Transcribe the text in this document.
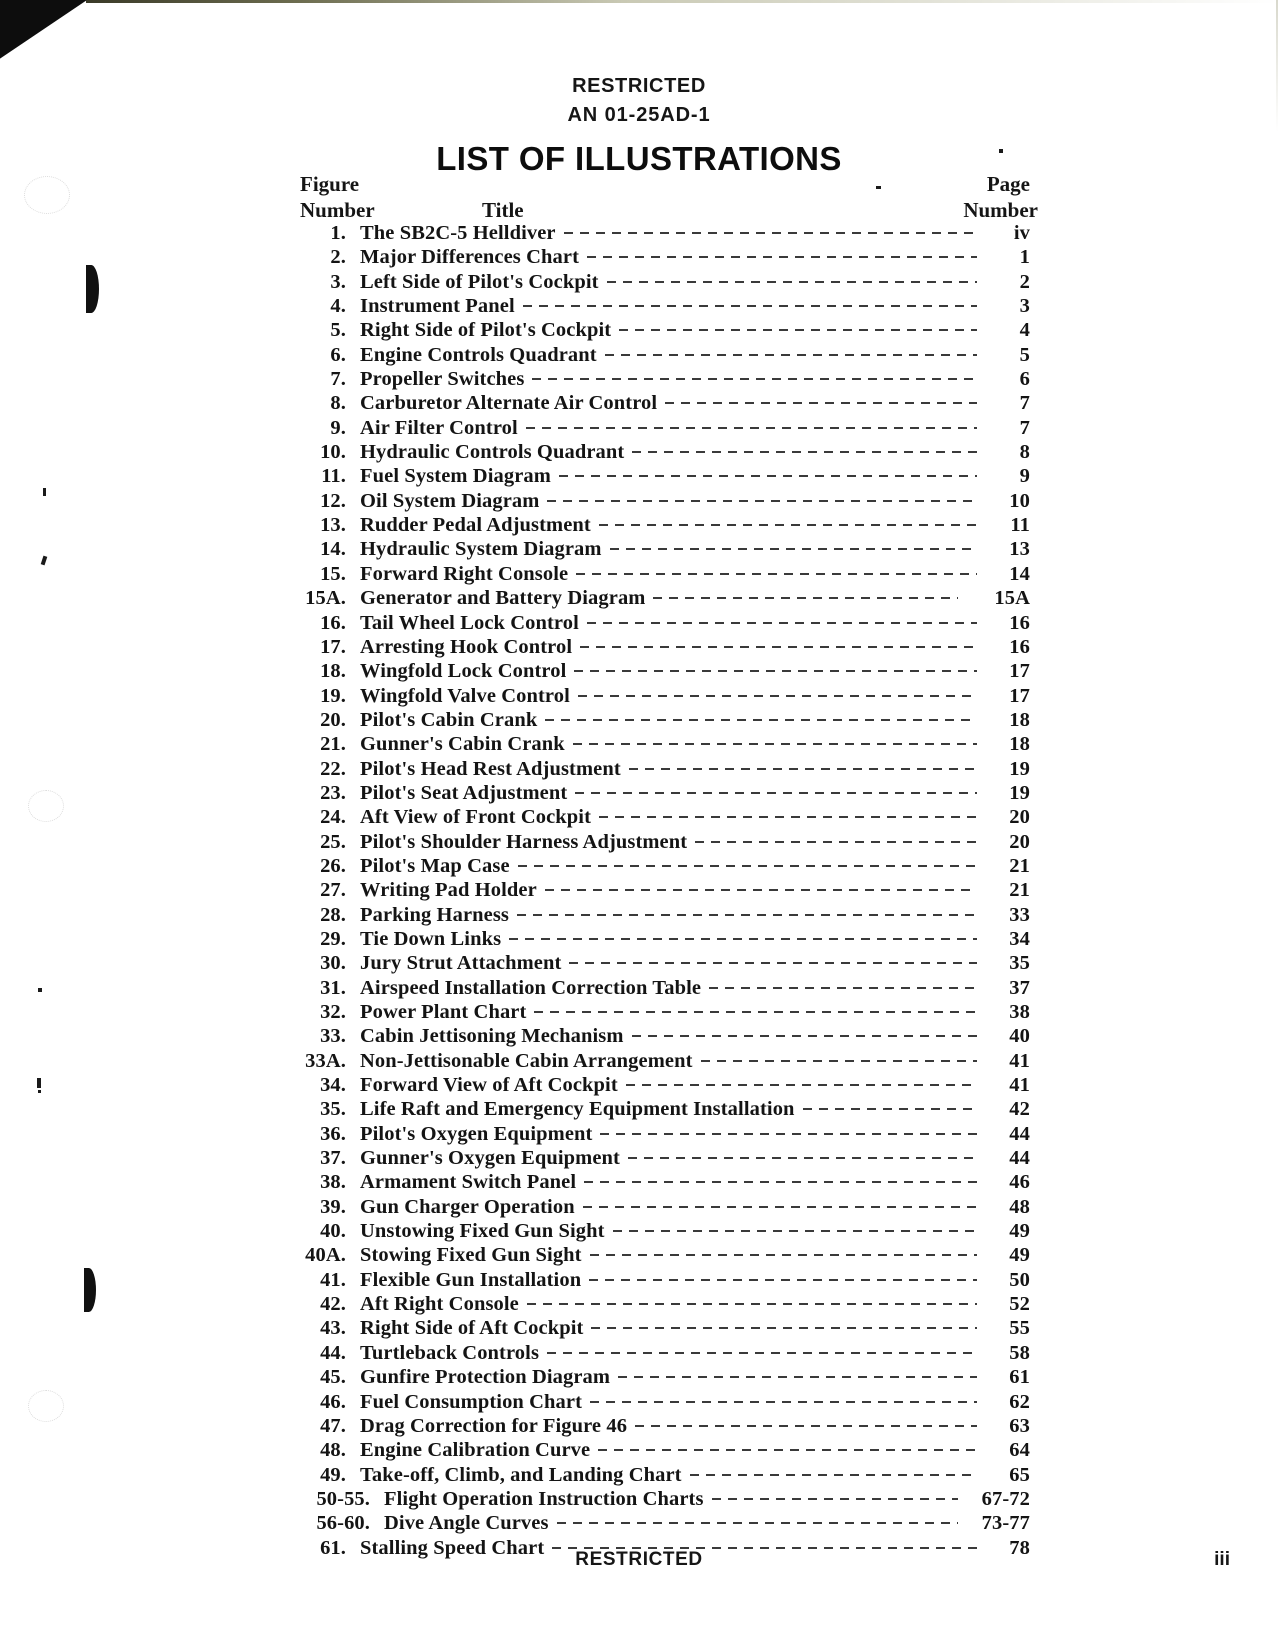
RESTRICTED
AN 01-25AD-1
LIST OF ILLUSTRATIONS
Figure
Number	Title
Page
Number
1. The SB2C-5 Helldiver	iv
2. Major Differences Chart	1
3. Left Side of Pilot's Cockpit	2
4. Instrument Panel	3
5. Right Side of Pilot's Cockpit	4
6. Engine Controls Quadrant	5
7. Propeller Switches	6
8. Carburetor Alternate Air Control	7
9. Air Filter Control	7
10. Hydraulic Controls Quadrant	8
11. Fuel System Diagram	9
12. Oil System Diagram	10
13. Rudder Pedal Adjustment	11
14. Hydraulic System Diagram	13
15. Forward Right Console	14
15A. Generator and Battery Diagram	15A
16. Tail Wheel Lock Control	16
17. Arresting Hook Control	16
18. Wingfold Lock Control	17
19. Wingfold Valve Control	17
20. Pilot's Cabin Crank	18
21. Gunner's Cabin Crank	18
22. Pilot's Head Rest Adjustment	19
23. Pilot's Seat Adjustment	19
24. Aft View of Front Cockpit	20
25. Pilot's Shoulder Harness Adjustment	20
26. Pilot's Map Case	21
27. Writing Pad Holder	21
28. Parking Harness	33
29. Tie Down Links	34
30. Jury Strut Attachment	35
31. Airspeed Installation Correction Table	37
32. Power Plant Chart	38
33. Cabin Jettisoning Mechanism	40
33A. Non-Jettisonable Cabin Arrangement	41
34. Forward View of Aft Cockpit	41
35. Life Raft and Emergency Equipment Installation	42
36. Pilot's Oxygen Equipment	44
37. Gunner's Oxygen Equipment	44
38. Armament Switch Panel	46
39. Gun Charger Operation	48
40. Unstowing Fixed Gun Sight	49
40A. Stowing Fixed Gun Sight	49
41. Flexible Gun Installation	50
42. Aft Right Console	52
43. Right Side of Aft Cockpit	55
44. Turtleback Controls	58
45. Gunfire Protection Diagram	61
46. Fuel Consumption Chart	62
47. Drag Correction for Figure 46	63
48. Engine Calibration Curve	64
49. Take-off, Climb, and Landing Chart	65
50-55. Flight Operation Instruction Charts	67-72
56-60. Dive Angle Curves	73-77
61. Stalling Speed Chart	78
RESTRICTED	iii
